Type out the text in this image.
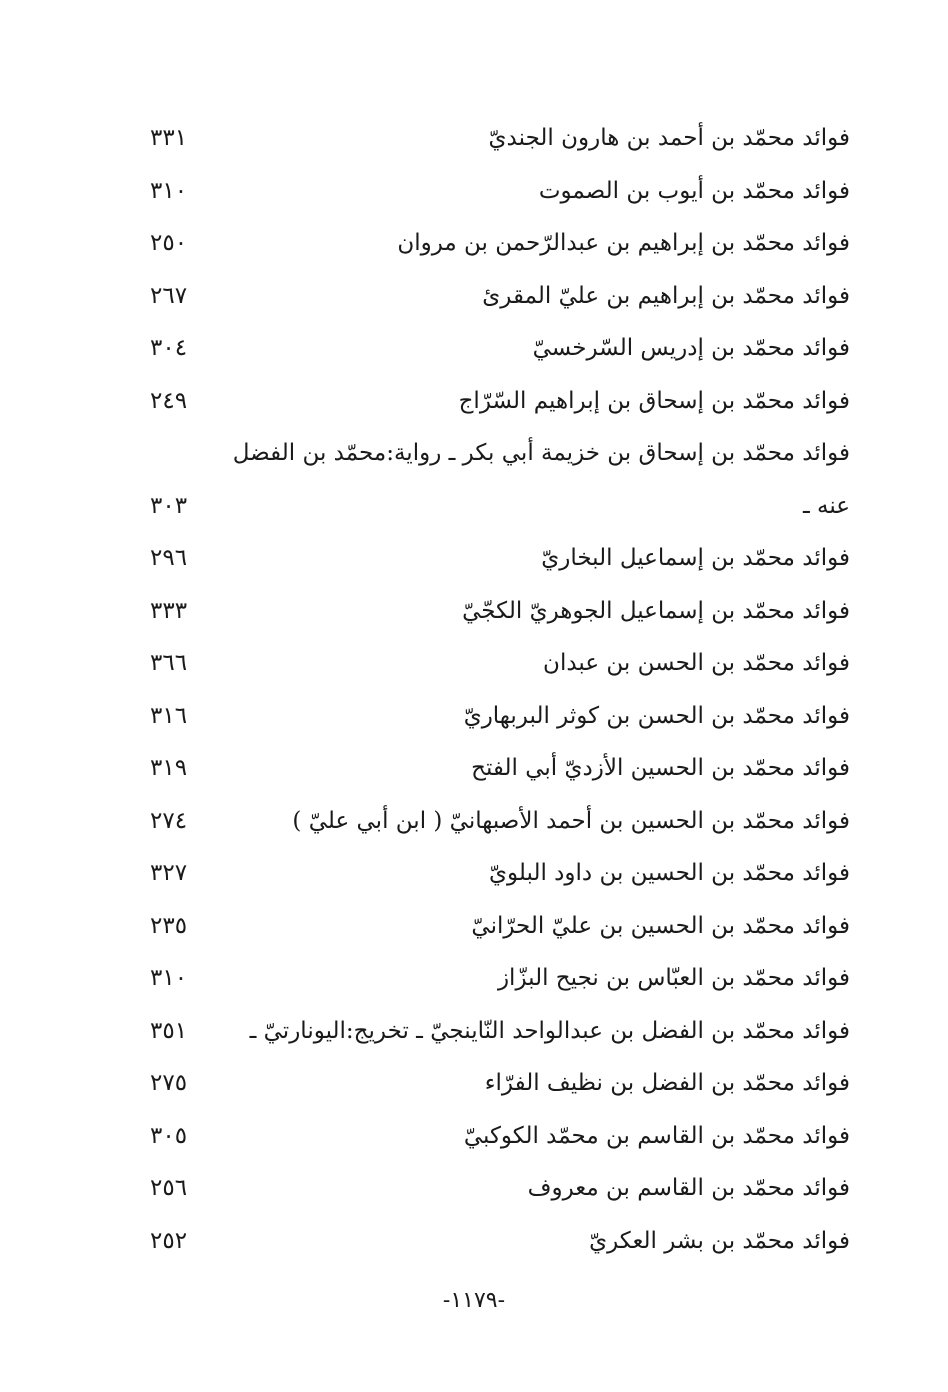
فوائد محمّد بن أحمد بن هارون الجنديّ
٣٣١
فوائد محمّد بن أيوب بن الصموت
٣١٠
فوائد محمّد بن إبراهيم بن عبدالرّحمن بن مروان
٢٥٠
فوائد محمّد بن إبراهيم بن عليّ المقرئ
٢٦٧
فوائد محمّد بن إدريس السّرخسيّ
٣٠٤
فوائد محمّد بن إسحاق بن إبراهيم السّرّاج
٢٤٩
فوائد محمّد بن إسحاق بن خزيمة أبي بكر ـ رواية:محمّد بن الفضل عنه ـ
٣٠٣
فوائد محمّد بن إسماعيل البخاريّ
٢٩٦
فوائد محمّد بن إسماعيل الجوهريّ الكجّيّ
٣٣٣
فوائد محمّد بن الحسن بن عبدان
٣٦٦
فوائد محمّد بن الحسن بن كوثر البربهاريّ
٣١٦
فوائد محمّد بن الحسين الأزديّ أبي الفتح
٣١٩
فوائد محمّد بن الحسين بن أحمد الأصبهانيّ ( ابن أبي عليّ )
٢٧٤
فوائد محمّد بن الحسين بن داود البلويّ
٣٢٧
فوائد محمّد بن الحسين بن عليّ الحرّانيّ
٢٣٥
فوائد محمّد بن العبّاس بن نجيح البزّاز
٣١٠
فوائد محمّد بن الفضل بن عبدالواحد النّاينجيّ ـ تخريج:اليونارتيّ ـ
٣٥١
فوائد محمّد بن الفضل بن نظيف الفرّاء
٢٧٥
فوائد محمّد بن القاسم بن محمّد الكوكبيّ
٣٠٥
فوائد محمّد بن القاسم بن معروف
٢٥٦
فوائد محمّد بن بشر العكريّ
٢٥٢
-١١٧٩-
